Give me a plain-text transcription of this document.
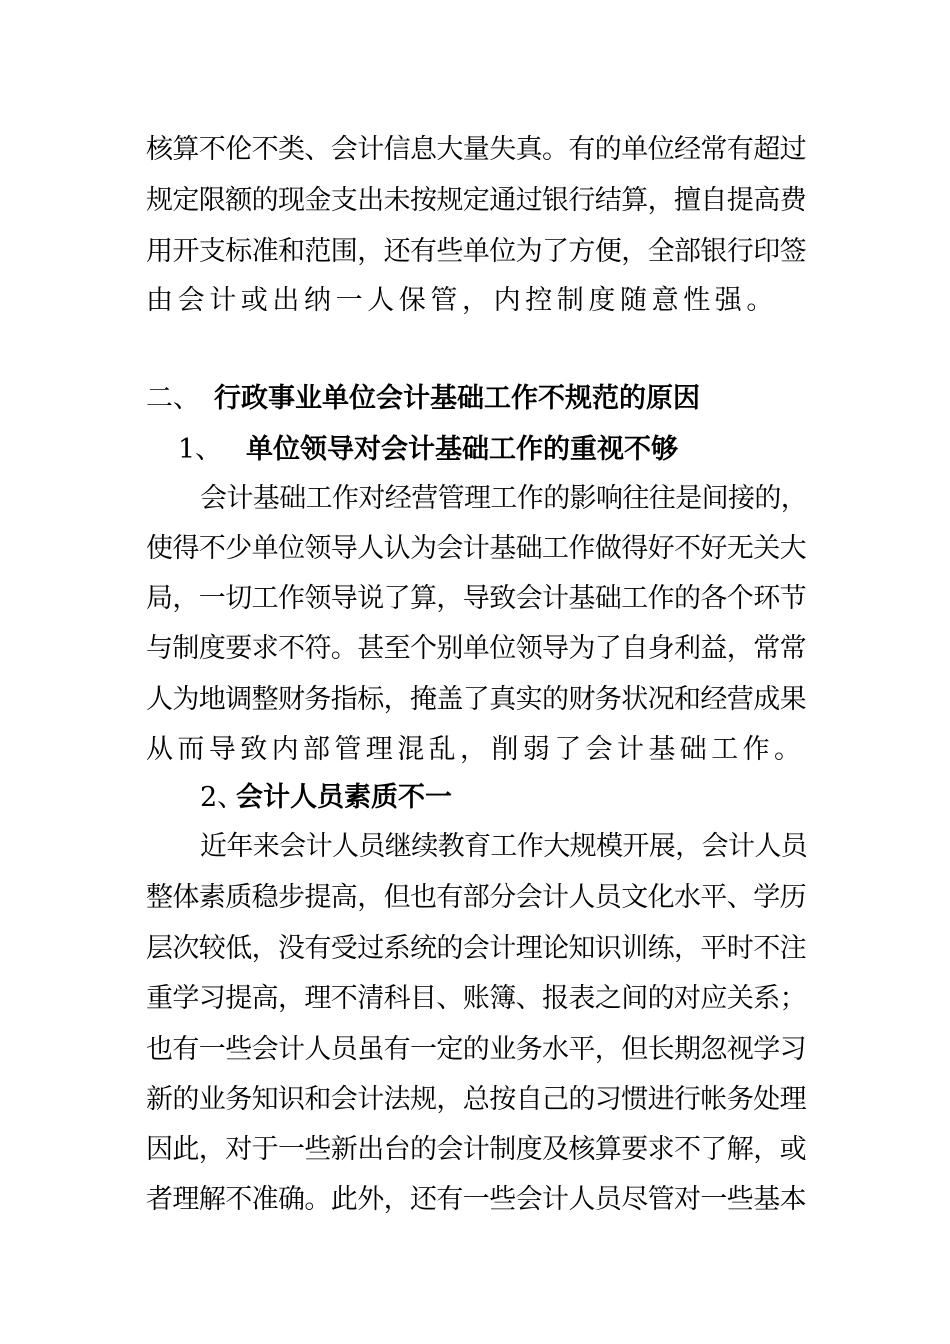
核算不伦不类、会计信息大量失真。有的单位经常有超过
规定限额的现金支出未按规定通过银行结算，擅自提高费
用开支标准和范围，还有些单位为了方便，全部银行印签
由会计或出纳一人保管，内控制度随意性强。
二、 行政事业单位会计基础工作不规范的原因
1、 单位领导对会计基础工作的重视不够
会计基础工作对经营管理工作的影响往往是间接的，
使得不少单位领导人认为会计基础工作做得好不好无关大
局，一切工作领导说了算，导致会计基础工作的各个环节
与制度要求不符。甚至个别单位领导为了自身利益，常常
人为地调整财务指标，掩盖了真实的财务状况和经营成果
从而导致内部管理混乱，削弱了会计基础工作。
2、
会计人员素质不一
近年来会计人员继续教育工作大规模开展，会计人员
整体素质稳步提高，但也有部分会计人员文化水平、学历
层次较低，没有受过系统的会计理论知识训练，平时不注
重学习提高，理不清科目、账簿、报表之间的对应关系；
也有一些会计人员虽有一定的业务水平，但长期忽视学习
新的业务知识和会计法规，总按自己的习惯进行帐务处理
因此，对于一些新出台的会计制度及核算要求不了解，或
者理解不准确。此外，还有一些会计人员尽管对一些基本
